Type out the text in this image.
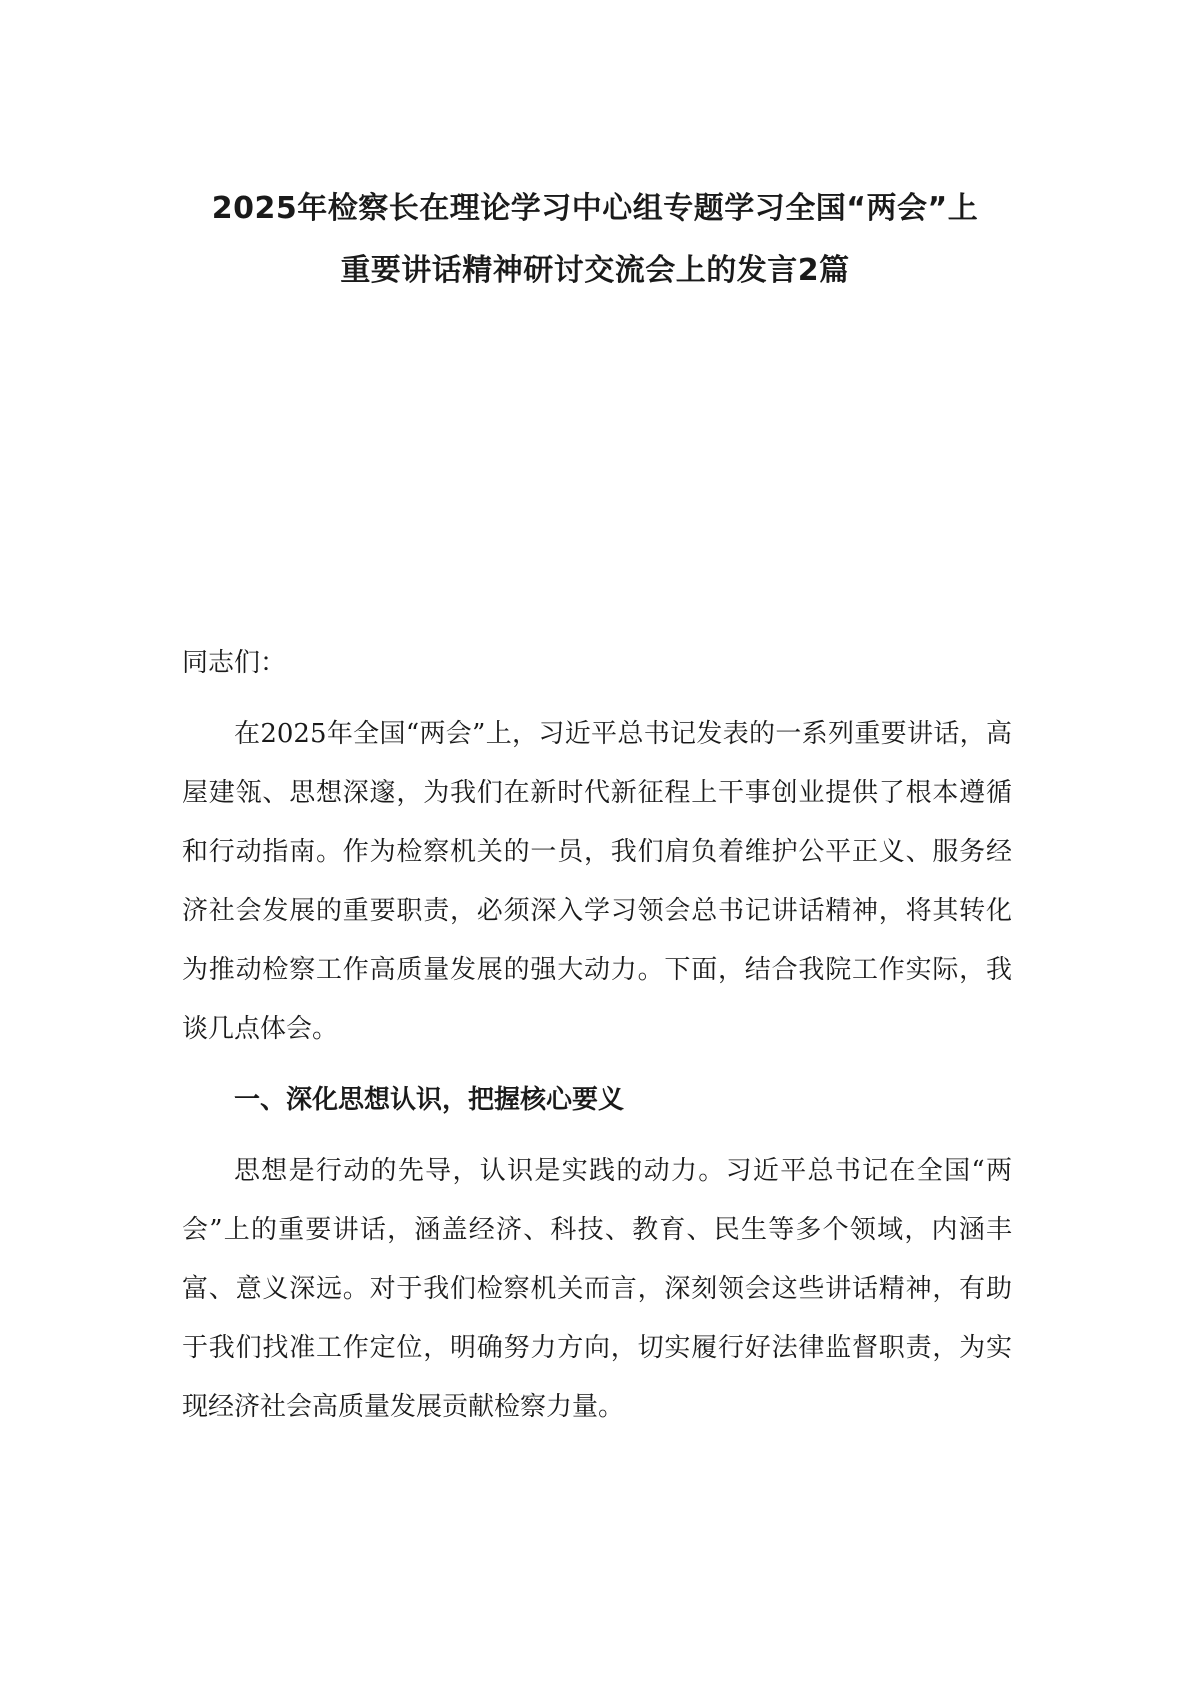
2025年检察长在理论学习中心组专题学习全国“两会”上
重要讲话精神研讨交流会上的发言2篇

同志们：

在2025年全国“两会”上，习近平总书记发表的一系列重要讲话，高屋建瓴、思想深邃，为我们在新时代新征程上干事创业提供了根本遵循和行动指南。作为检察机关的一员，我们肩负着维护公平正义、服务经济社会发展的重要职责，必须深入学习领会总书记讲话精神，将其转化为推动检察工作高质量发展的强大动力。下面，结合我院工作实际，我谈几点体会。

一、深化思想认识，把握核心要义

思想是行动的先导，认识是实践的动力。习近平总书记在全国“两会”上的重要讲话，涵盖经济、科技、教育、民生等多个领域，内涵丰富、意义深远。对于我们检察机关而言，深刻领会这些讲话精神，有助于我们找准工作定位，明确努力方向，切实履行好法律监督职责，为实现经济社会高质量发展贡献检察力量。
